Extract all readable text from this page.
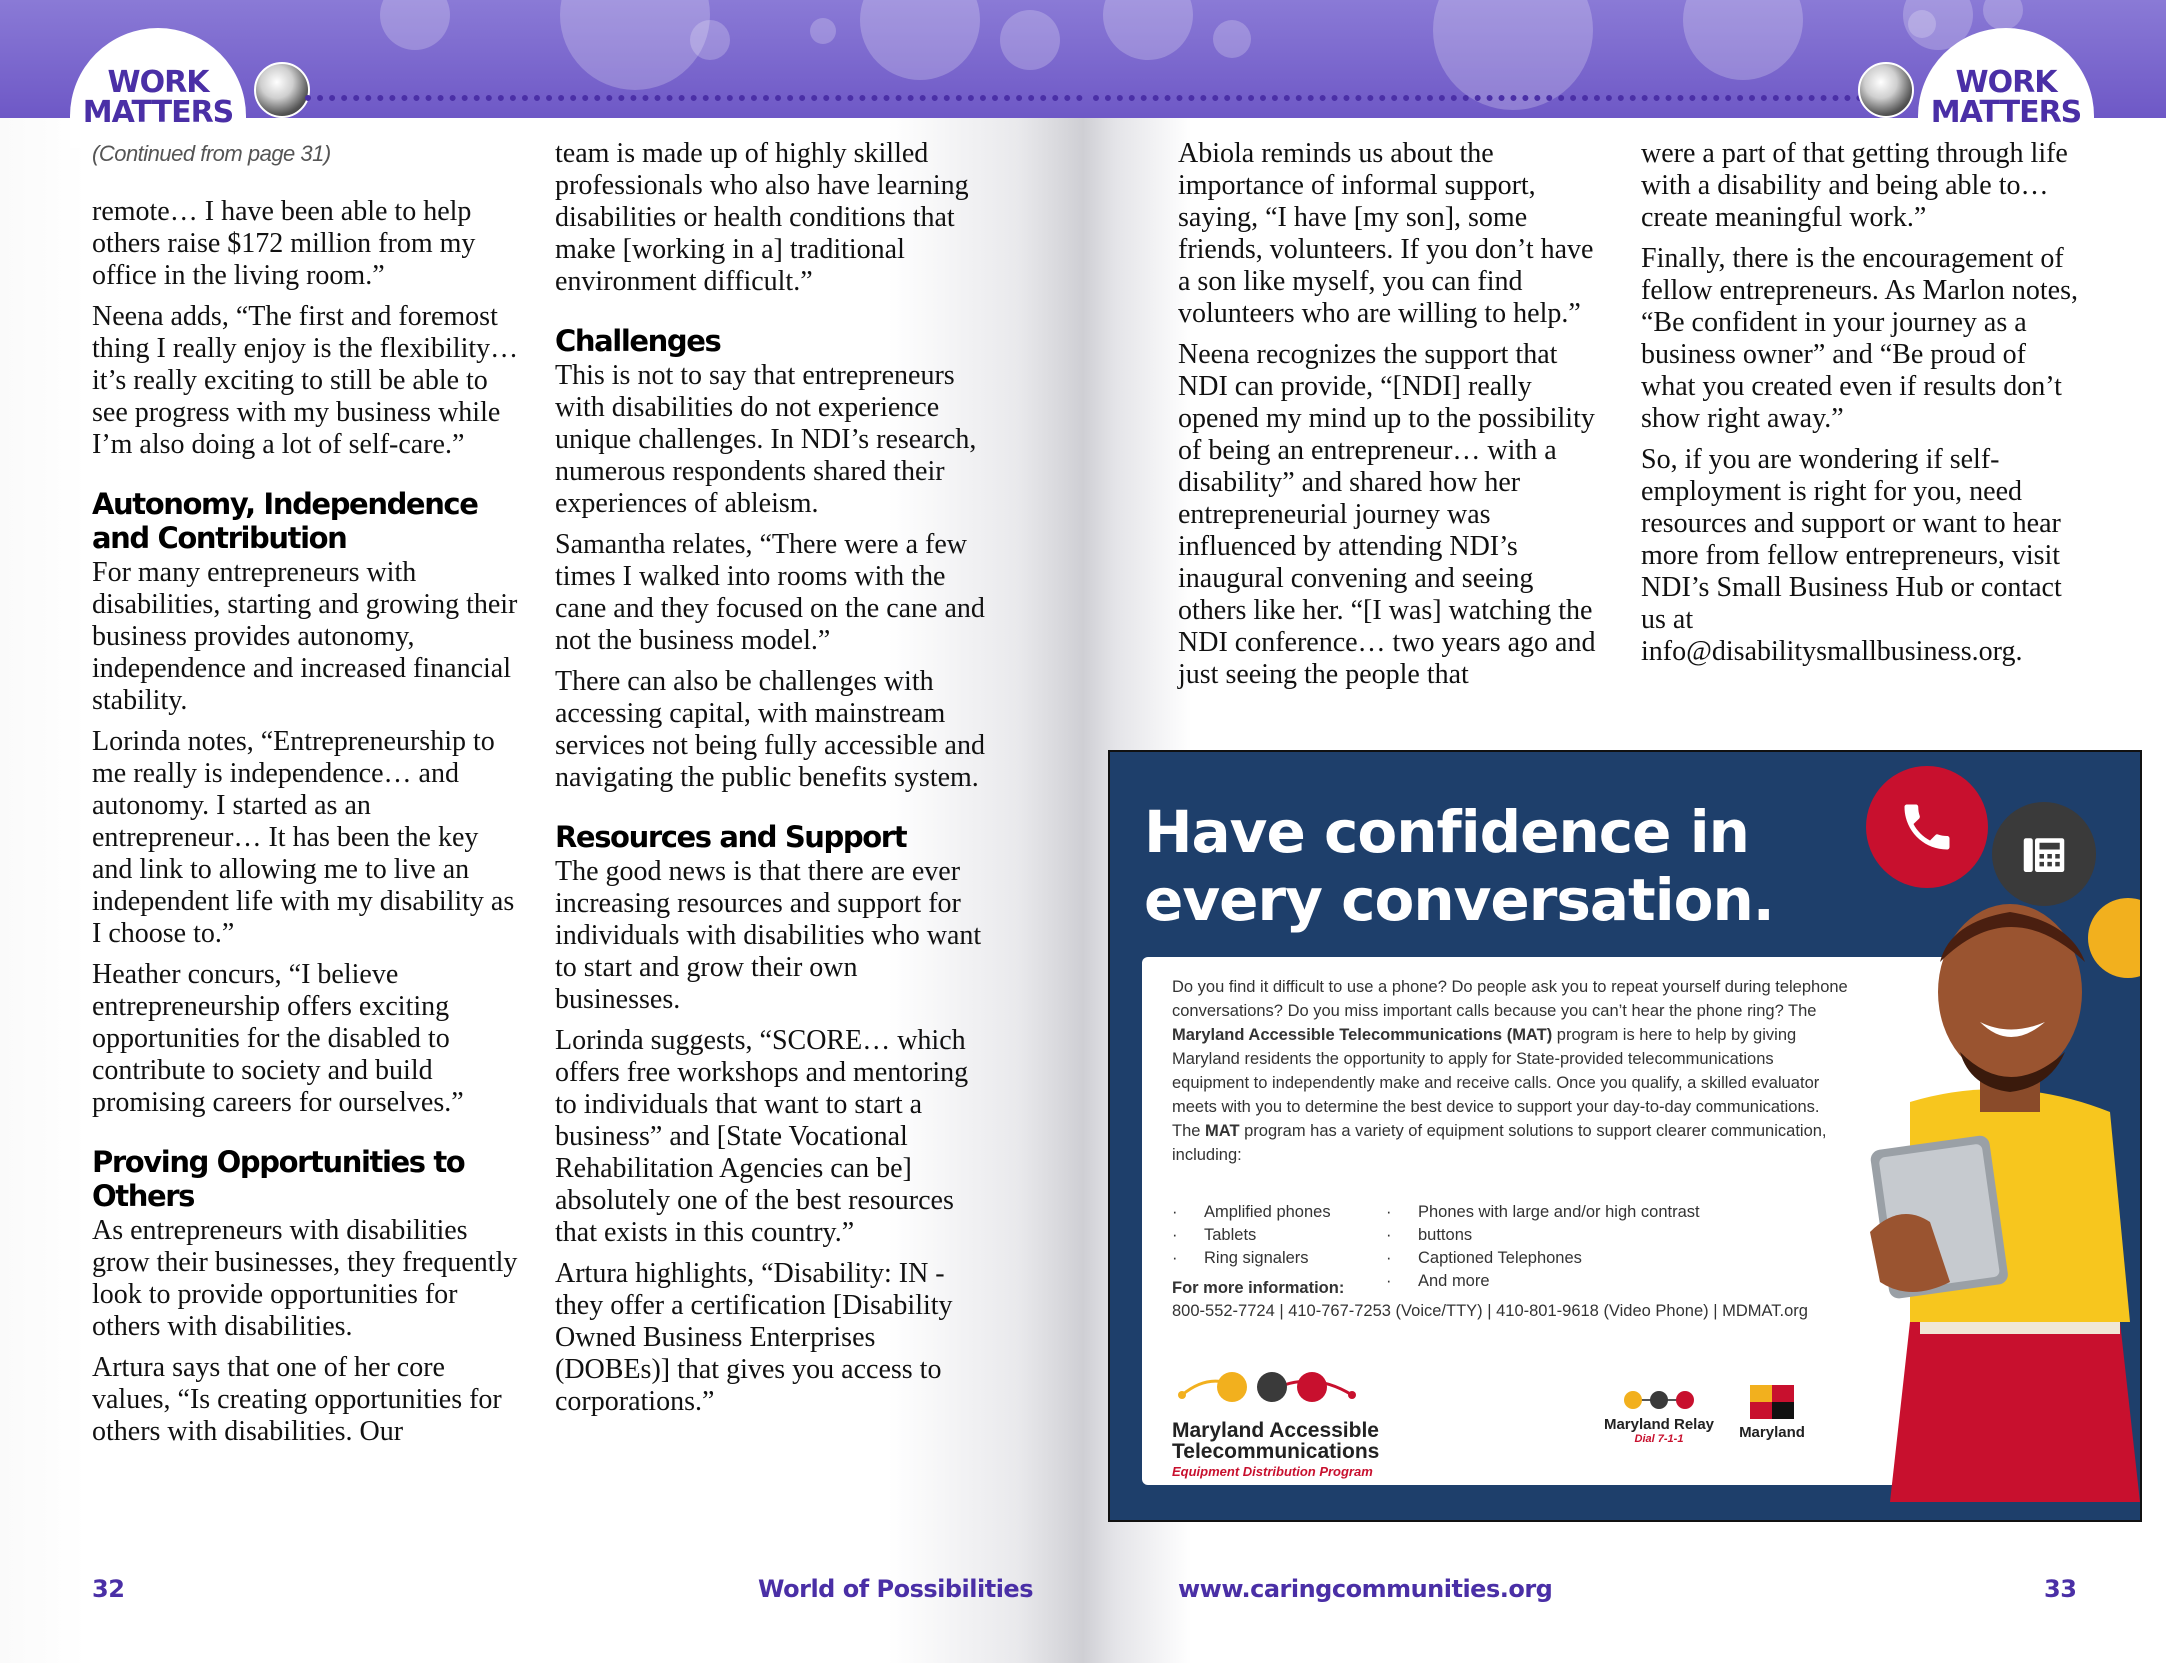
WORK MATTERS

(Continued from page 31)

remote… I have been able to help others raise $172 million from my office in the living room.”

Neena adds, “The first and foremost thing I really enjoy is the flexibility… it’s really exciting to still be able to see progress with my business while I’m also doing a lot of self-care.”

Autonomy, Independence and Contribution

For many entrepreneurs with disabilities, starting and growing their business provides autonomy, independence and increased financial stability.

Lorinda notes, “Entrepreneurship to me really is independence… and autonomy. I started as an entrepreneur… It has been the key and link to allowing me to live an independent life with my disability as I choose to.”

Heather concurs, “I believe entrepreneurship offers exciting opportunities for the disabled to contribute to society and build promising careers for ourselves.”

Proving Opportunities to Others

As entrepreneurs with disabilities grow their businesses, they frequently look to provide opportunities for others with disabilities.

Artura says that one of her core values, “Is creating opportunities for others with disabilities. Our

team is made up of highly skilled professionals who also have learning disabilities or health conditions that make [working in a] traditional environment difficult.”

Challenges

This is not to say that entrepreneurs with disabilities do not experience unique challenges. In NDI’s research, numerous respondents shared their experiences of ableism.

Samantha relates, “There were a few times I walked into rooms with the cane and they focused on the cane and not the business model.”

There can also be challenges with accessing capital, with mainstream services not being fully accessible and navigating the public benefits system.

Resources and Support

The good news is that there are ever increasing resources and support for individuals with disabilities who want to start and grow their own businesses.

Lorinda suggests, “SCORE… which offers free workshops and mentoring to individuals that want to start a business” and [State Vocational Rehabilitation Agencies can be] absolutely one of the best resources that exists in this country.”

Artura highlights, “Disability: IN - they offer a certification [Disability Owned Business Enterprises (DOBEs)] that gives you access to corporations.”

32	World of Possibilities
WORK MATTERS

Abiola reminds us about the importance of informal support, saying, “I have [my son], some friends, volunteers. If you don’t have a son like myself, you can find volunteers who are willing to help.”

Neena recognizes the support that NDI can provide, “[NDI] really opened my mind up to the possibility of being an entrepreneur… with a disability” and shared how her entrepreneurial journey was influenced by attending NDI’s inaugural convening and seeing others like her. “[I was] watching the NDI conference… two years ago and just seeing the people that

were a part of that getting through life with a disability and being able to…create meaningful work.”

Finally, there is the encouragement of fellow entrepreneurs. As Marlon notes, “Be confident in your journey as a business owner” and “Be proud of what you created even if results don’t show right away.”

So, if you are wondering if self-employment is right for you, need resources and support or want to hear more from fellow entrepreneurs, visit NDI’s Small Business Hub or contact us at info@disabilitysmallbusiness.org.

www.caringcommunities.org	33
Have confidence in
every conversation.
Do you find it difficult to use a phone? Do people ask you to repeat yourself during telephone conversations? Do you miss important calls because you can’t hear the phone ring? The Maryland Accessible Telecommunications (MAT) program is here to help by giving Maryland residents the opportunity to apply for State-provided telecommunications equipment to independently make and receive calls. Once you qualify, a skilled evaluator meets with you to determine the best device to support your day-to-day communications. The MAT program has a variety of equipment solutions to support clearer communication, including:
· Amplified phones
· Tablets
· Ring signalers
· Phones with large and/or high contrast
· buttons
· Captioned Telephones
· And more
For more information:
800-552-7724 | 410-767-7253 (Voice/TTY) | 410-801-9618 (Video Phone) | MDMAT.org
Maryland Accessible
Telecommunications
Equipment Distribution Program
Maryland Relay
Dial 7-1-1	Maryland
